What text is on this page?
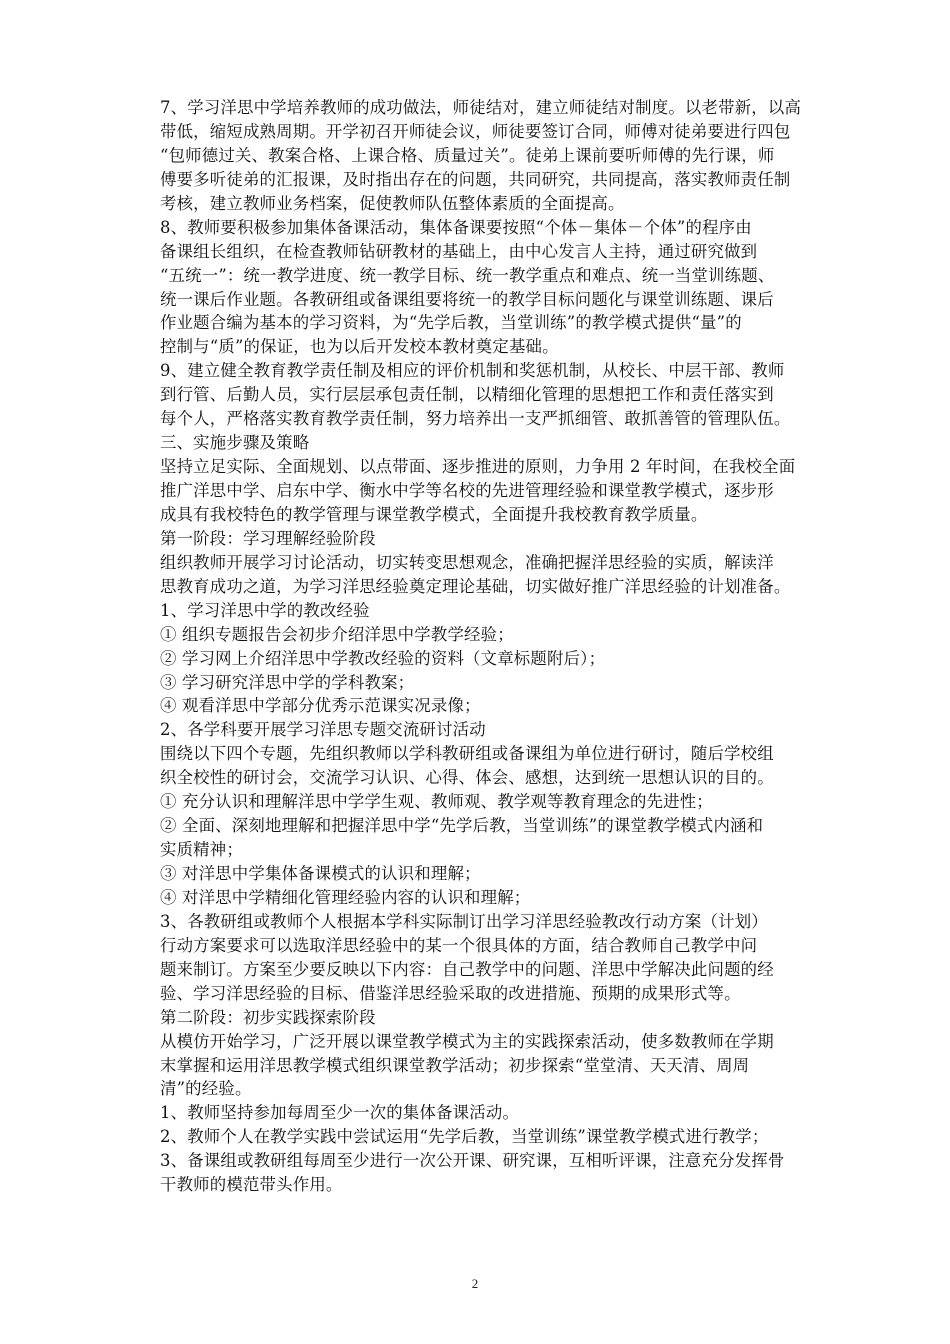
7、学习洋思中学培养教师的成功做法，师徒结对，建立师徒结对制度。以老带新，以高
带低，缩短成熟周期。开学初召开师徒会议，师徒要签订合同，师傅对徒弟要进行四包
“包师德过关、教案合格、上课合格、质量过关”。徒弟上课前要听师傅的先行课，师
傅要多听徒弟的汇报课，及时指出存在的问题，共同研究，共同提高，落实教师责任制
考核，建立教师业务档案，促使教师队伍整体素质的全面提高。
8、教师要积极参加集体备课活动，集体备课要按照“个体－集体－个体”的程序由
备课组长组织，在检查教师钻研教材的基础上，由中心发言人主持，通过研究做到
“五统一”：统一教学进度、统一教学目标、统一教学重点和难点、统一当堂训练题、
统一课后作业题。各教研组或备课组要将统一的教学目标问题化与课堂训练题、课后
作业题合编为基本的学习资料，为“先学后教，当堂训练”的教学模式提供“量”的
控制与“质”的保证，也为以后开发校本教材奠定基础。
9、建立健全教育教学责任制及相应的评价机制和奖惩机制，从校长、中层干部、教师
到行管、后勤人员，实行层层承包责任制，以精细化管理的思想把工作和责任落实到
每个人，严格落实教育教学责任制，努力培养出一支严抓细管、敢抓善管的管理队伍。
三、实施步骤及策略
坚持立足实际、全面规划、以点带面、逐步推进的原则，力争用 2 年时间，在我校全面
推广洋思中学、启东中学、衡水中学等名校的先进管理经验和课堂教学模式，逐步形
成具有我校特色的教学管理与课堂教学模式，全面提升我校教育教学质量。
第一阶段：学习理解经验阶段
组织教师开展学习讨论活动，切实转变思想观念，准确把握洋思经验的实质，解读洋
思教育成功之道，为学习洋思经验奠定理论基础，切实做好推广洋思经验的计划准备。
1、学习洋思中学的教改经验
① 组织专题报告会初步介绍洋思中学教学经验；
② 学习网上介绍洋思中学教改经验的资料（文章标题附后）；
③ 学习研究洋思中学的学科教案；
④ 观看洋思中学部分优秀示范课实况录像；
2、各学科要开展学习洋思专题交流研讨活动
围绕以下四个专题，先组织教师以学科教研组或备课组为单位进行研讨，随后学校组
织全校性的研讨会，交流学习认识、心得、体会、感想，达到统一思想认识的目的。
① 充分认识和理解洋思中学学生观、教师观、教学观等教育理念的先进性；
② 全面、深刻地理解和把握洋思中学“先学后教，当堂训练”的课堂教学模式内涵和
实质精神；
③ 对洋思中学集体备课模式的认识和理解；
④ 对洋思中学精细化管理经验内容的认识和理解；
3、各教研组或教师个人根据本学科实际制订出学习洋思经验教改行动方案（计划）
行动方案要求可以选取洋思经验中的某一个很具体的方面，结合教师自己教学中问
题来制订。方案至少要反映以下内容：自己教学中的问题、洋思中学解决此问题的经
验、学习洋思经验的目标、借鉴洋思经验采取的改进措施、预期的成果形式等。
第二阶段：初步实践探索阶段
从模仿开始学习，广泛开展以课堂教学模式为主的实践探索活动，使多数教师在学期
末掌握和运用洋思教学模式组织课堂教学活动；初步探索“堂堂清、天天清、周周
清”的经验。
1、教师坚持参加每周至少一次的集体备课活动。
2、教师个人在教学实践中尝试运用“先学后教，当堂训练”课堂教学模式进行教学；
3、备课组或教研组每周至少进行一次公开课、研究课，互相听评课，注意充分发挥骨
干教师的模范带头作用。
2
